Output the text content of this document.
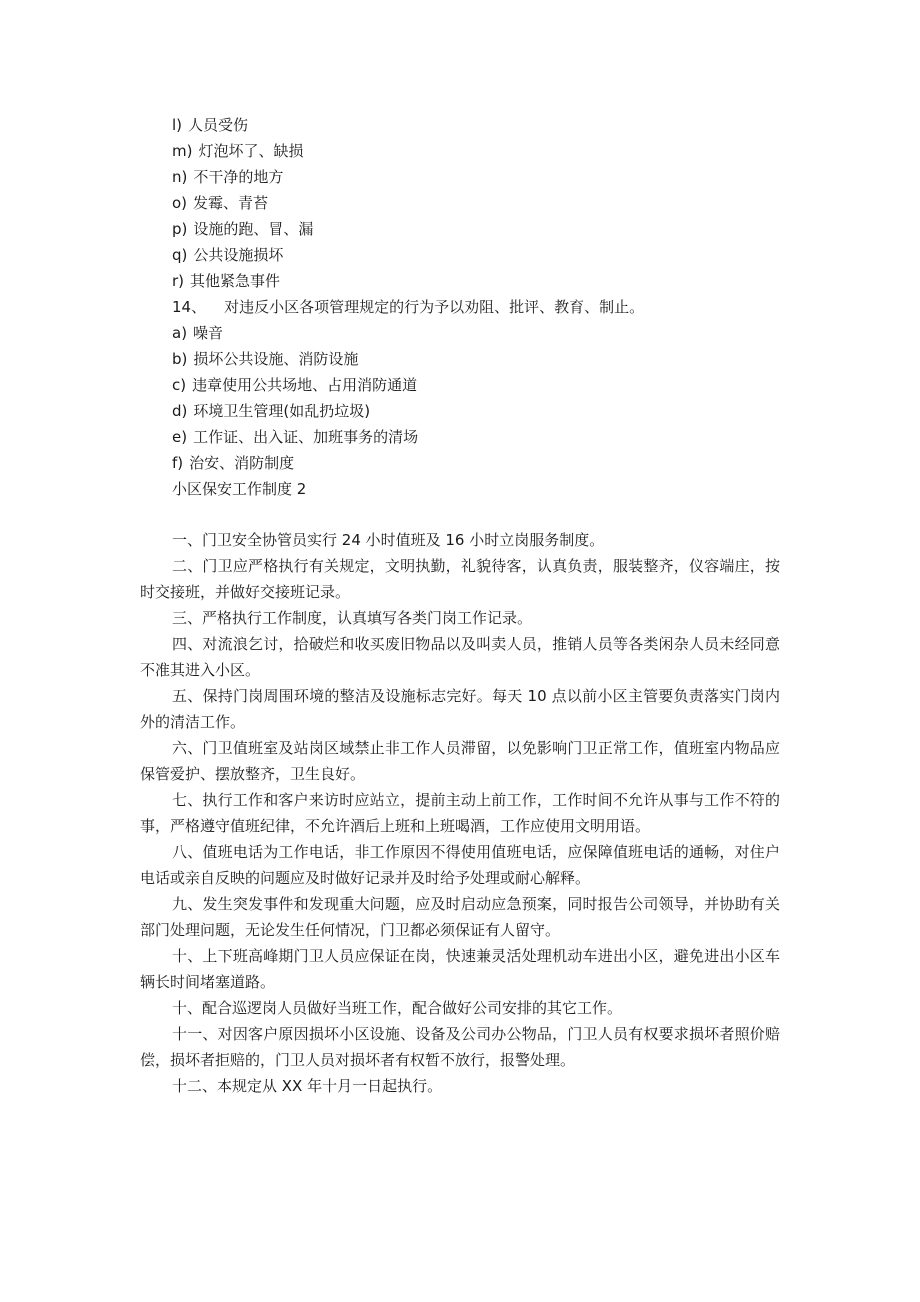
l) 人员受伤
m) 灯泡坏了、缺损
n) 不干净的地方
o) 发霉、青苔
p) 设施的跑、冒、漏
q) 公共设施损坏
r) 其他紧急事件
14、 对违反小区各项管理规定的行为予以劝阻、批评、教育、制止。
a) 噪音
b) 损坏公共设施、消防设施
c) 违章使用公共场地、占用消防通道
d) 环境卫生管理(如乱扔垃圾)
e) 工作证、出入证、加班事务的清场
f) 治安、消防制度
小区保安工作制度 2

一、门卫安全协管员实行 24 小时值班及 16 小时立岗服务制度。

二、门卫应严格执行有关规定，文明执勤，礼貌待客，认真负责，服装整齐，仪容端庄，按时交接班，并做好交接班记录。

三、严格执行工作制度，认真填写各类门岗工作记录。

四、对流浪乞讨，拾破烂和收买废旧物品以及叫卖人员，推销人员等各类闲杂人员未经同意不准其进入小区。

五、保持门岗周围环境的整洁及设施标志完好。每天 10 点以前小区主管要负责落实门岗内外的清洁工作。

六、门卫值班室及站岗区域禁止非工作人员滞留，以免影响门卫正常工作，值班室内物品应保管爱护、摆放整齐，卫生良好。

七、执行工作和客户来访时应站立，提前主动上前工作，工作时间不允许从事与工作不符的事，严格遵守值班纪律，不允许酒后上班和上班喝酒，工作应使用文明用语。

八、值班电话为工作电话，非工作原因不得使用值班电话，应保障值班电话的通畅，对住户电话或亲自反映的问题应及时做好记录并及时给予处理或耐心解释。

九、发生突发事件和发现重大问题，应及时启动应急预案，同时报告公司领导，并协助有关部门处理问题，无论发生任何情况，门卫都必须保证有人留守。

十、上下班高峰期门卫人员应保证在岗，快速兼灵活处理机动车进出小区，避免进出小区车辆长时间堵塞道路。

十、配合巡逻岗人员做好当班工作，配合做好公司安排的其它工作。

十一、对因客户原因损坏小区设施、设备及公司办公物品，门卫人员有权要求损坏者照价赔偿，损坏者拒赔的，门卫人员对损坏者有权暂不放行，报警处理。

十二、本规定从 XX 年十月一日起执行。
